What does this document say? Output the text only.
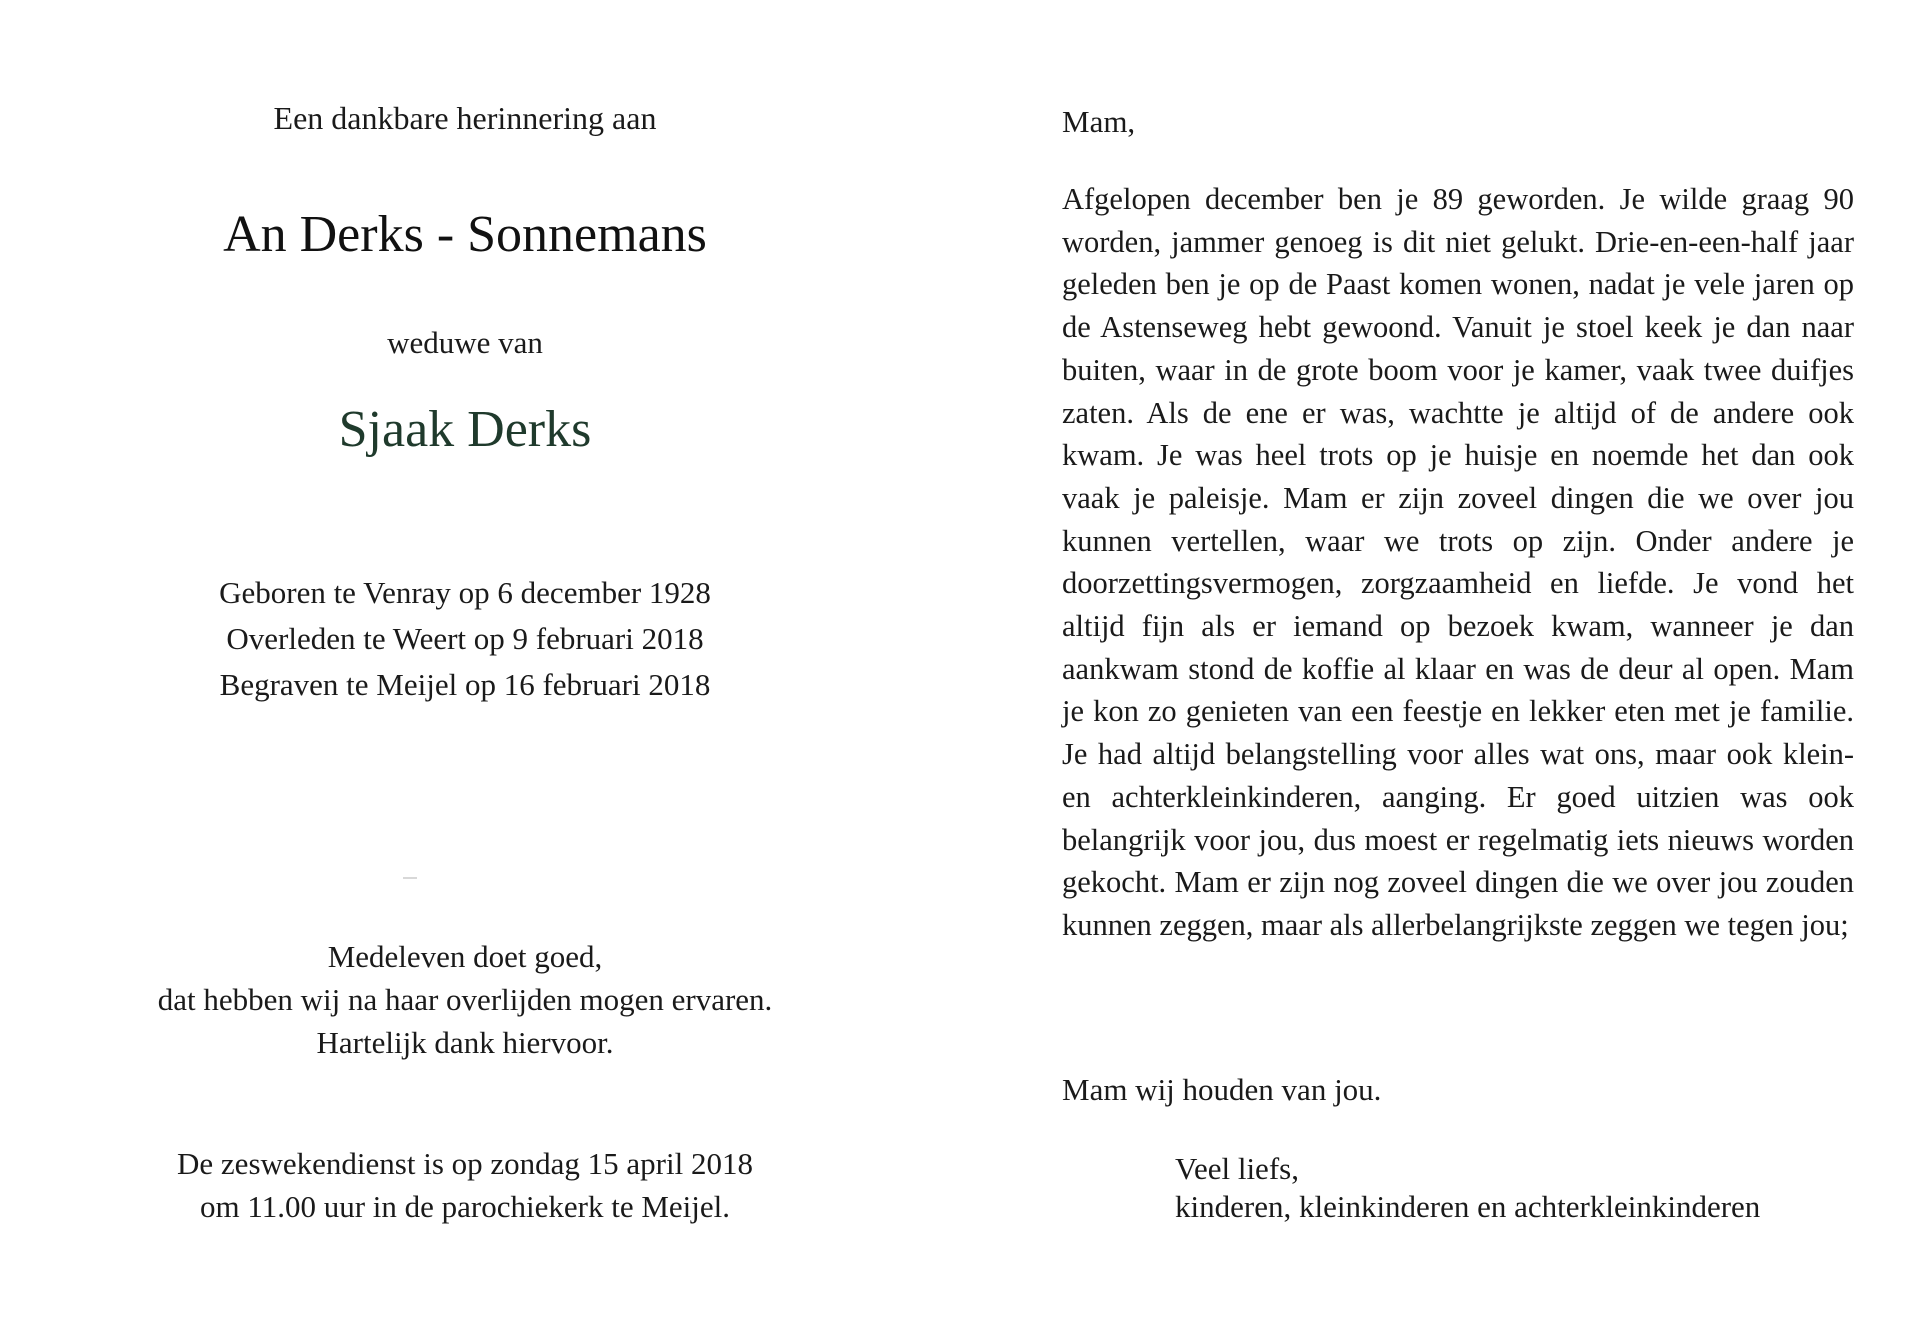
Een dankbare herinnering aan
An Derks - Sonnemans
weduwe van
Sjaak Derks
Geboren te Venray op 6 december 1928
Overleden te Weert op 9 februari 2018
Begraven te Meijel op 16 februari 2018
Medeleven doet goed,
dat hebben wij na haar overlijden mogen ervaren.
Hartelijk dank hiervoor.
De zeswekendienst is op zondag 15 april 2018
om 11.00 uur in de parochiekerk te Meijel.
Mam,
Afgelopen december ben je 89 geworden. Je wilde graag 90 worden, jammer genoeg is dit niet gelukt. Drie-en-een-half jaar geleden ben je op de Paast komen wonen, nadat je vele jaren op de Astenseweg hebt gewoond. Vanuit je stoel keek je dan naar buiten, waar in de grote boom voor je kamer, vaak twee duifjes zaten. Als de ene er was, wachtte je altijd of de andere ook kwam. Je was heel trots op je huisje en noemde het dan ook vaak je paleisje. Mam er zijn zoveel dingen die we over jou kunnen vertellen, waar we trots op zijn. Onder andere je doorzettingsvermogen, zorgzaamheid en liefde. Je vond het altijd fijn als er iemand op bezoek kwam, wanneer je dan aankwam stond de koffie al klaar en was de deur al open. Mam je kon zo genieten van een feestje en lekker eten met je familie. Je had altijd belangstelling voor alles wat ons, maar ook klein- en achterkleinkinderen, aanging. Er goed uitzien was ook belangrijk voor jou, dus moest er regelmatig iets nieuws worden gekocht. Mam er zijn nog zoveel dingen die we over jou zouden kunnen zeggen, maar als allerbelangrijkste zeggen we tegen jou;
Mam wij houden van jou.
Veel liefs,
kinderen, kleinkinderen en achterkleinkinderen
